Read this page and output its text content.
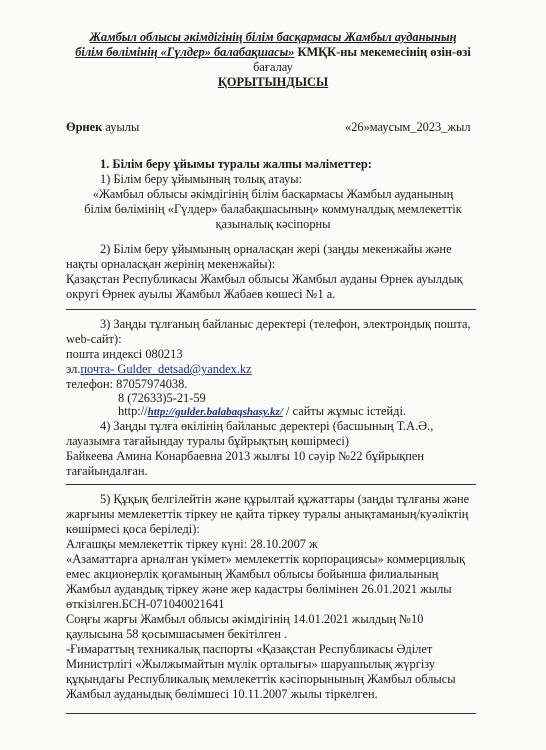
Жамбыл облысы әкімдігінің білім басқармасы Жамбыл ауданының
білім бөлімінің «Гүлдер» балабақшасы» КМҚК-ны мекемесінің өзін-өзі
бағалау
ҚОРЫТЫНДЫСЫ
Өрнек ауылы	«26»маусым_2023_жыл
1. Білім беру ұйымы туралы жалпы мәліметтер:
1) Білім беру ұйымының толық атауы:
«Жамбыл облысы әкімдігінің білім баскармасы Жамбыл ауданының
білім бөлімінің «Гүлдер» балабақшасының» коммуналдық мемлекеттік
қазыналық кәсіпорны
2) Білім беру ұйымының орналасқан жері (заңды мекенжайы және
нақты орналасқан жерінің мекенжайы):
Қазақстан Республикасы Жамбыл облысы Жамбыл ауданы Өрнек ауылдық
округі Өрнек ауылы Жамбыл Жабаев көшесі №1 а.
3) Заңды тұлғаның байланыс деректері (телефон, электрондық пошта,
web-сайт):
пошта индексі 080213
эл.почта- Gulder_detsad@yandex.kz
телефон: 87057974038.
8 (72633)5-21-59
http://http://gulder.balabaqshasy.kz/ / сайты жұмыс істейді.
4) Заңды тұлға өкілінің байланыс деректері (басшының Т.А.Ә.,
лауазымға тағайындау туралы бұйрықтың көшірмесі)
Байкеева Амина Конарбаевна 2013 жылғы 10 сәуір №22 бұйрықпен
тағайындалған.
5) Құқық белгілейтін және құрылтай құжаттары (заңды тұлғаны және
жарғыны мемлекеттік тіркеу не қайта тіркеу туралы анықтаманың/куәліктің
көшірмесі қоса беріледі):
Алғашқы мемлекеттік тіркеу күні: 28.10.2007 ж
«Азаматтарға арналған үкімет» мемлекеттік корпорациясы» коммерциялық
емес акционерлік қоғамының Жамбыл облысы бойынша филиалының
Жамбыл аудандық тіркеу және жер кадастры бөлімінен 26.01.2021 жылы
өткізілген.БСН-071040021641
Соңғы жарғы Жамбыл облысы әкімдігінің 14.01.2021 жылдың №10
қаулысына 58 қосымшасымен бекітілген .
-Ғимараттың техникалық паспорты «Қазақстан Республикасы Әділет
Министрлігі «Жылжымайтын мүлік орталығы» шаруашылық жүргізу
құқындағы Республикалық мемлекеттік кәсіпорынының Жамбыл облысы
Жамбыл ауданыдық бөлімшесі 10.11.2007 жылы тіркелген.
